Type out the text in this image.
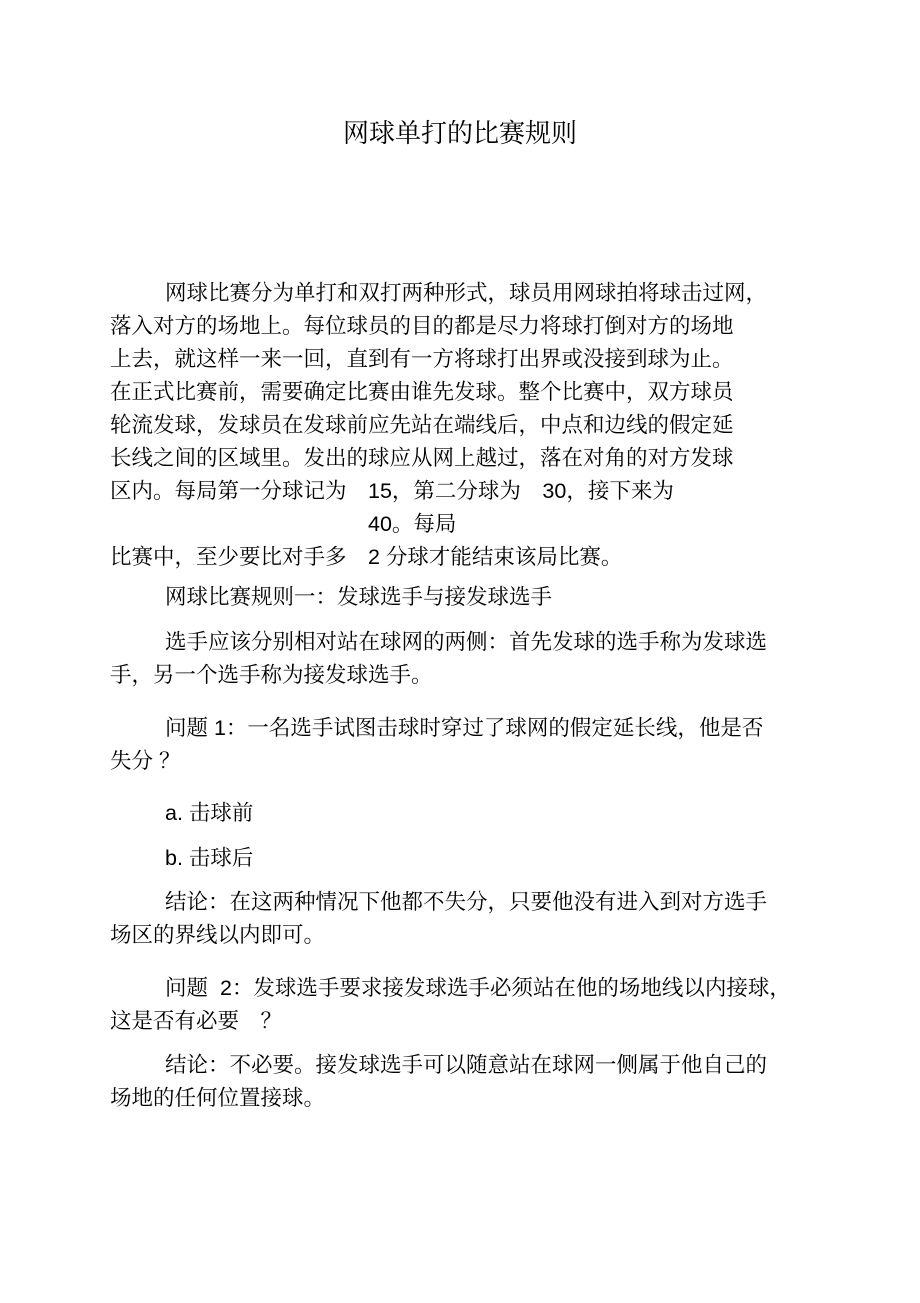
网球单打的比赛规则
网球比赛分为单打和双打两种形式，球员用网球拍将球击过网，
落入对方的场地上。每位球员的目的都是尽力将球打倒对方的场地
上去，就这样一来一回，直到有一方将球打出界或没接到球为止。
在正式比赛前，需要确定比赛由谁先发球。整个比赛中，双方球员
轮流发球，发球员在发球前应先站在端线后，中点和边线的假定延
长线之间的区域里。发出的球应从网上越过，落在对角的对方发球
区内。每局第一分球记为　15，第二分球为　30，接下来为
40。每局
比赛中，至少要比对手多　2 分球才能结束该局比赛。
网球比赛规则一：发球选手与接发球选手
选手应该分别相对站在球网的两侧：首先发球的选手称为发球选
手，另一个选手称为接发球选手。
问题 1：一名选手试图击球时穿过了球网的假定延长线，他是否
失分 ？
a. 击球前
b. 击球后
结论：在这两种情况下他都不失分，只要他没有进入到对方选手
场区的界线以内即可。
问题  2：发球选手要求接发球选手必须站在他的场地线以内接球，
这是否有必要　？
结论：不必要。接发球选手可以随意站在球网一侧属于他自己的
场地的任何位置接球。
